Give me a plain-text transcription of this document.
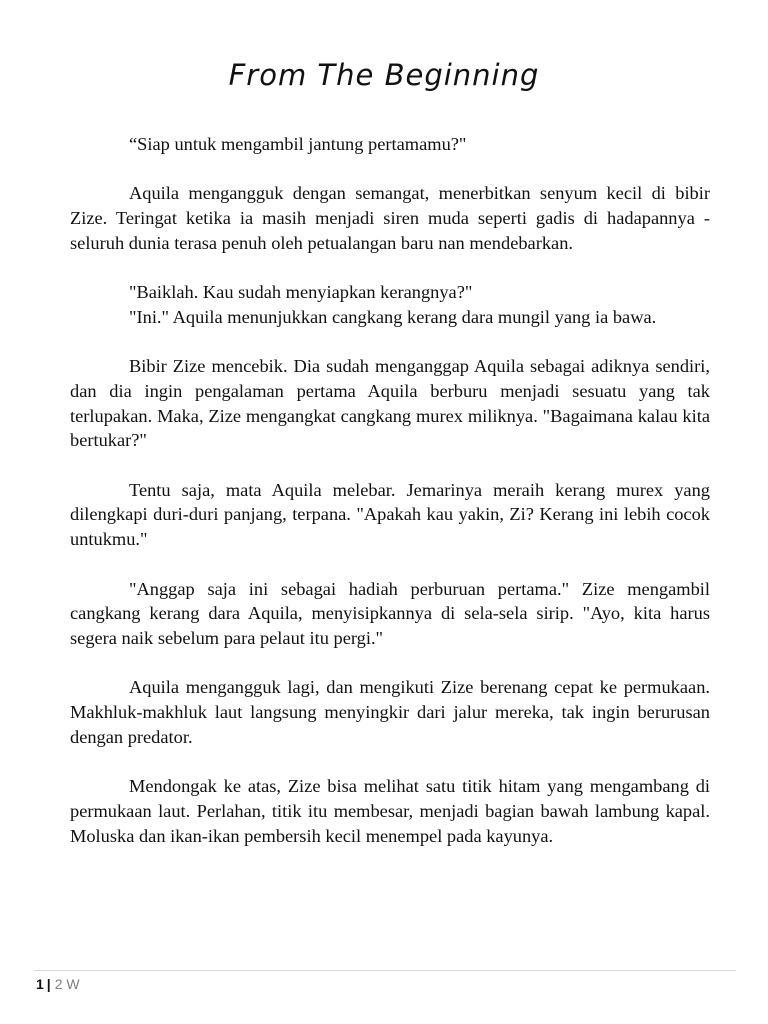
From The Beginning

“Siap untuk mengambil jantung pertamamu?"

Aquila mengangguk dengan semangat, menerbitkan senyum kecil di bibir Zize. Teringat ketika ia masih menjadi siren muda seperti gadis di hadapannya -seluruh dunia terasa penuh oleh petualangan baru nan mendebarkan.

"Baiklah. Kau sudah menyiapkan kerangnya?"

"Ini." Aquila menunjukkan cangkang kerang dara mungil yang ia bawa.

Bibir Zize mencebik. Dia sudah menganggap Aquila sebagai adiknya sendiri, dan dia ingin pengalaman pertama Aquila berburu menjadi sesuatu yang tak terlupakan. Maka, Zize mengangkat cangkang murex miliknya. "Bagaimana kalau kita bertukar?"

Tentu saja, mata Aquila melebar. Jemarinya meraih kerang murex yang dilengkapi duri-duri panjang, terpana. "Apakah kau yakin, Zi? Kerang ini lebih cocok untukmu."

"Anggap saja ini sebagai hadiah perburuan pertama." Zize mengambil cangkang kerang dara Aquila, menyisipkannya di sela-sela sirip. "Ayo, kita harus segera naik sebelum para pelaut itu pergi."

Aquila mengangguk lagi, dan mengikuti Zize berenang cepat ke permukaan. Makhluk-makhluk laut langsung menyingkir dari jalur mereka, tak ingin berurusan dengan predator.

Mendongak ke atas, Zize bisa melihat satu titik hitam yang mengambang di permukaan laut. Perlahan, titik itu membesar, menjadi bagian bawah lambung kapal. Moluska dan ikan-ikan pembersih kecil menempel pada kayunya.

1 | 2 W
